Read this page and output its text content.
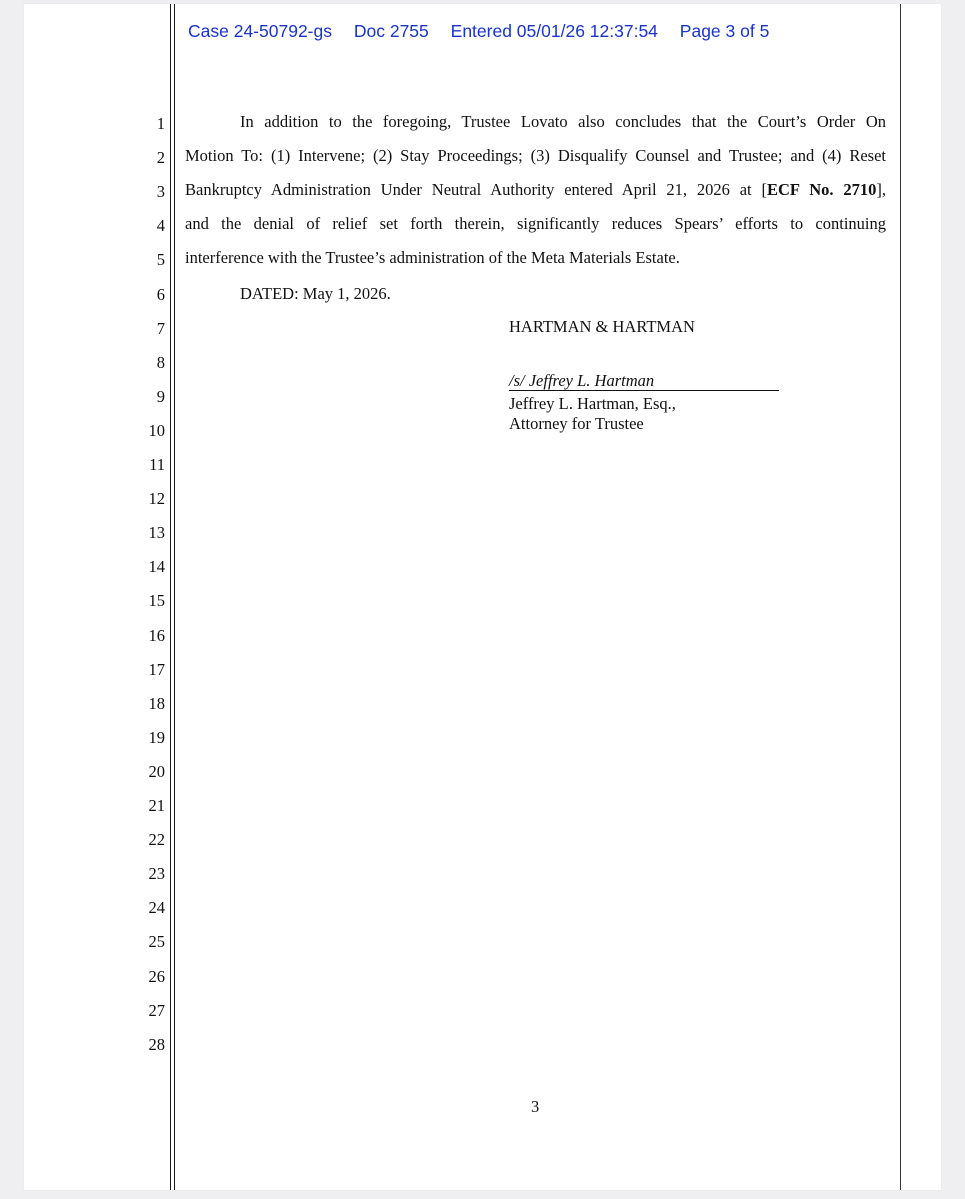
Case 24-50792-gs Doc 2755 Entered 05/01/26 12:37:54 Page 3 of 5
1
2
3
4
5
6
7
8
9
10
11
12
13
14
15
16
17
18
19
20
21
22
23
24
25
26
27
28
In addition to the foregoing, Trustee Lovato also concludes that the Court’s Order On
Motion To: (1) Intervene; (2) Stay Proceedings; (3) Disqualify Counsel and Trustee; and (4) Reset
Bankruptcy Administration Under Neutral Authority entered April 21, 2026 at [ECF No. 2710],
and the denial of relief set forth therein, significantly reduces Spears’ efforts to continuing
interference with the Trustee’s administration of the Meta Materials Estate.
DATED: May 1, 2026.
HARTMAN & HARTMAN
/s/ Jeffrey L. Hartman
Jeffrey L. Hartman, Esq.,
Attorney for Trustee
3
